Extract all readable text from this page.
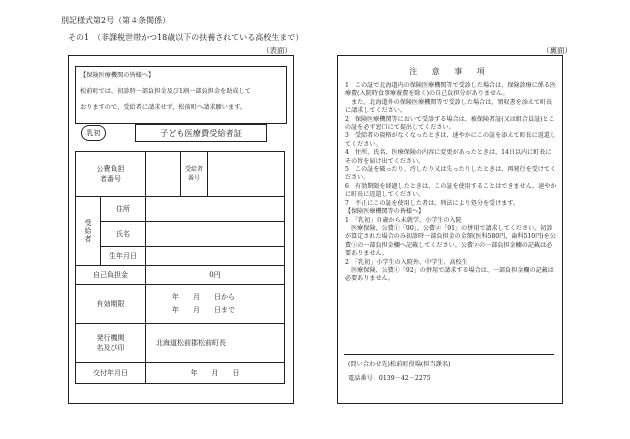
別記様式第2号（第４条関係）
その1　（非課税世帯かつ18歳以下の扶養されている高校生まで）
（表面）	（裏面）
【保険医療機関の皆様へ】
松前町では、初診時一部負担金及び1割一部負担金を助成して
おりますので、受給者に請求せず、松前町へ請求願います。
乳初	子ども医療費受給者証
公費負担
者番号			受給者
番号	
受給者	住所			
	氏名			
	生年月日			
自己負担金		0円		
有効期限		年　　月　　日から
年　　月　　日まで		

発行機関
名及び印		北海道松前郡松前町長		
交付年月日		年　　月　　日		
注 意 事 項
1　この証で北海道内の保険医療機関等で受診した場合は、保険診療に係る医療費(入院時食事療養費を除く)の自己負担分がありません。
　また、北海道外の保険医療機関等で受診した場合は、領収書を添えて町長に請求してください。
2　保険医療機関等において受診する場合は、被保険者証(又は組合員証)とこの証を必ず窓口にて提出してください。
3　受給者の資格がなくなったときは、速やかにこの証を添えて町長に返還してください。
4　住所、氏名、医療保険の内容に変更があったときは、14日以内に町長にその旨を届け出てください。
5　この証を破ったり、汚したり又は失ったりしたときは、再発行を受けてください。
6　有効期限を経過したときは、この証を使用することはできません。速やかに町長に返還してください。
7　不正にこの証を使用した者は、刑法により処分を受けます。
【保険医療機関等の皆様へ】
1　「乳初」０歳から未就学、小学生の入院
　医療保険、公費①「90」、公費②「91」の併用で請求してください。初診が算定された場合のみ初診時一部負担金の金額(医科580円、歯科510円)を公費①の一部負担金欄へ記載してください。公費②の一部負担金欄の記載は必要ありません。
2　「乳初」小学生の入院外、中学生、高校生
　医療保険、公費①「92」の併用で請求する場合は、一部負担金欄の記載は必要ありません。
(問い合わせ先)松前町役場(担当課名)
電話番号　0139－42－2275
